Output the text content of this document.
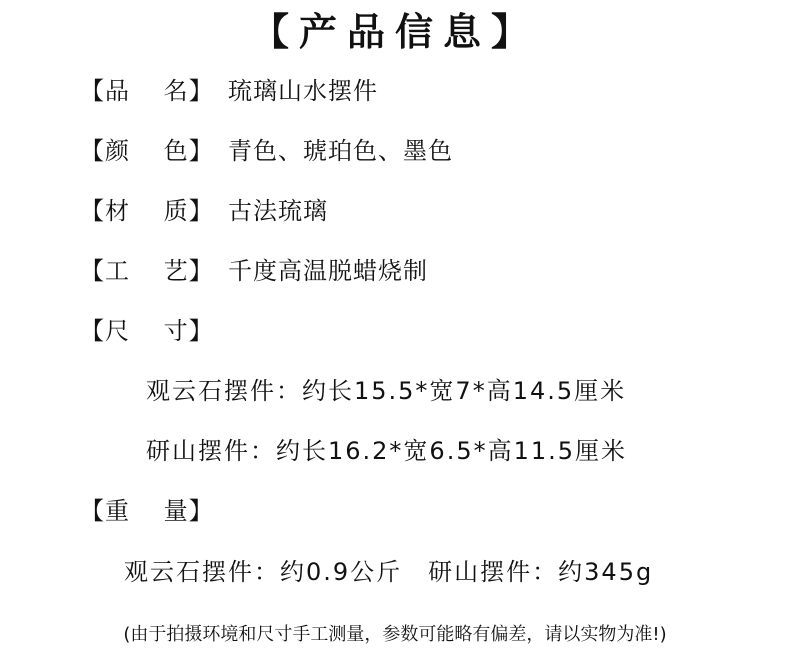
【产品信息】
【品　 名】 琉璃山水摆件
【颜　 色】 青色、琥珀色、墨色
【材　 质】 古法琉璃
【工　 艺】 千度高温脱蜡烧制
【尺　 寸】
观云石摆件：约长15.5*宽7*高14.5厘米
研山摆件：约长16.2*宽6.5*高11.5厘米
【重　 量】
观云石摆件：约0.9公斤　研山摆件：约345g
(由于拍摄环境和尺寸手工测量，参数可能略有偏差，请以实物为准!)
